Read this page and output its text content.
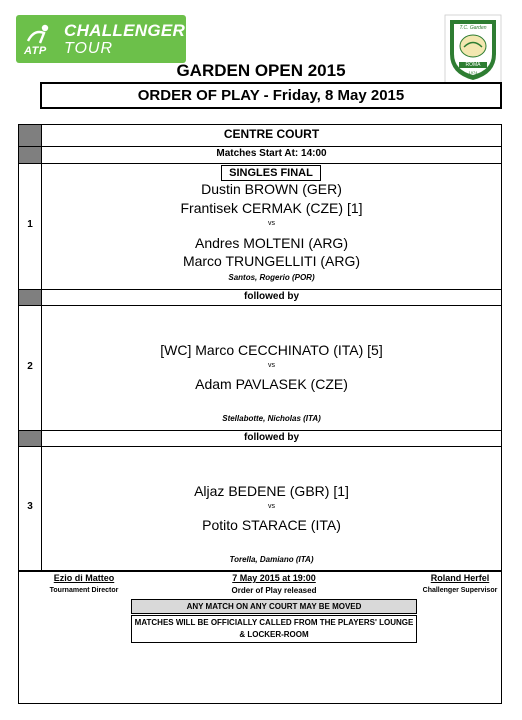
ATP
CHALLENGER
TOUR
T.C. Garden
ROMA
1974
GARDEN OPEN 2015
ORDER OF PLAY - Friday, 8 May 2015
1
2
3
CENTRE COURT
Matches Start At: 14:00
SINGLES FINAL
Dustin BROWN (GER)
Frantisek CERMAK (CZE) [1]
vs
Andres MOLTENI (ARG)
Marco TRUNGELLITI (ARG)
Santos, Rogerio (POR)
followed by
[WC] Marco CECCHINATO (ITA) [5]
vs
Adam PAVLASEK (CZE)
Stellabotte, Nicholas (ITA)
followed by
Aljaz BEDENE (GBR) [1]
vs
Potito STARACE (ITA)
Torella, Damiano (ITA)
Ezio di Matteo
Tournament Director
7 May 2015 at 19:00
Order of Play released
Roland Herfel
Challenger Supervisor
ANY MATCH ON ANY COURT MAY BE MOVED
MATCHES WILL BE OFFICIALLY CALLED FROM THE PLAYERS' LOUNGE & LOCKER-ROOM
